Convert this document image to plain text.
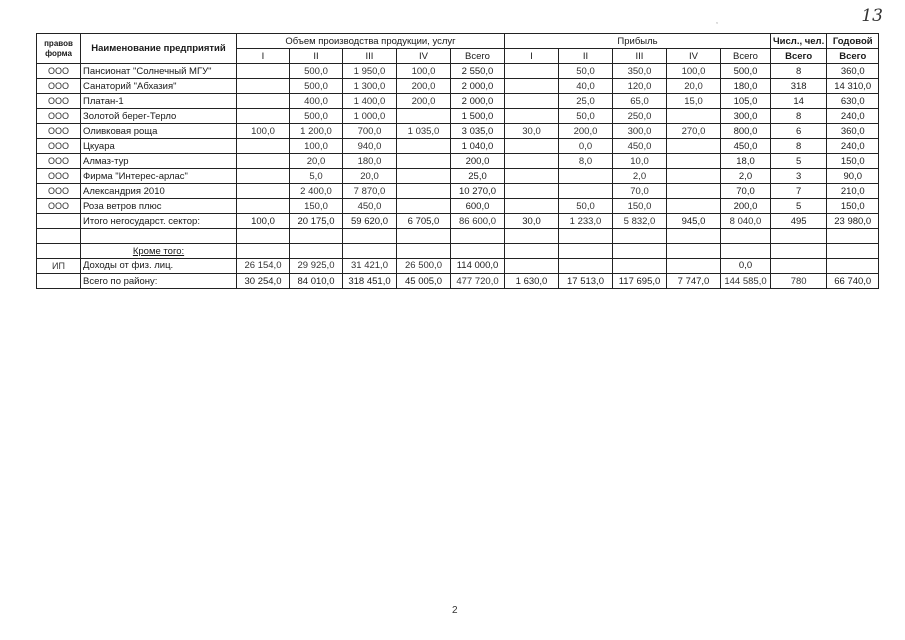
13
,
правов
форма	Наименование предприятий	Объем производства продукции, услуг					Прибыль					Числ., чел.	Годовой
		I	II	III	IV	Всего	I	II	III	IV	Всего	Всего	Всего
ООО	Пансионат "Солнечный МГУ"		500,0	1 950,0	100,0	2 550,0		50,0	350,0	100,0	500,0	8	360,0
ООО	Санаторий "Абхазия"		500,0	1 300,0	200,0	2 000,0		40,0	120,0	20,0	180,0	318	14 310,0
ООО	Платан-1		400,0	1 400,0	200,0	2 000,0		25,0	65,0	15,0	105,0	14	630,0
ООО	Золотой берег-Терло		500,0	1 000,0		1 500,0		50,0	250,0		300,0	8	240,0
ООО	Оливковая роща	100,0	1 200,0	700,0	1 035,0	3 035,0	30,0	200,0	300,0	270,0	800,0	6	360,0
ООО	Цкуара		100,0	940,0		1 040,0		0,0	450,0		450,0	8	240,0
ООО	Алмаз-тур		20,0	180,0		200,0		8,0	10,0		18,0	5	150,0
ООО	Фирма "Интерес-арлас"		5,0	20,0		25,0			2,0		2,0	3	90,0
ООО	Александрия 2010		2 400,0	7 870,0		10 270,0			70,0		70,0	7	210,0
ООО	Роза ветров плюс		150,0	450,0		600,0		50,0	150,0		200,0	5	150,0
	Итого негосударст. сектор:	100,0	20 175,0	59 620,0	6 705,0	86 600,0	30,0	1 233,0	5 832,0	945,0	8 040,0	495	23 980,0

	Кроме того:												
ИП	Доходы от физ. лиц.	26 154,0	29 925,0	31 421,0	26 500,0	114 000,0					0,0		
	Всего по району:	30 254,0	84 010,0	318 451,0	45 005,0	477 720,0	1 630,0	17 513,0	117 695,0	7 747,0	144 585,0	780	66 740,0
2
